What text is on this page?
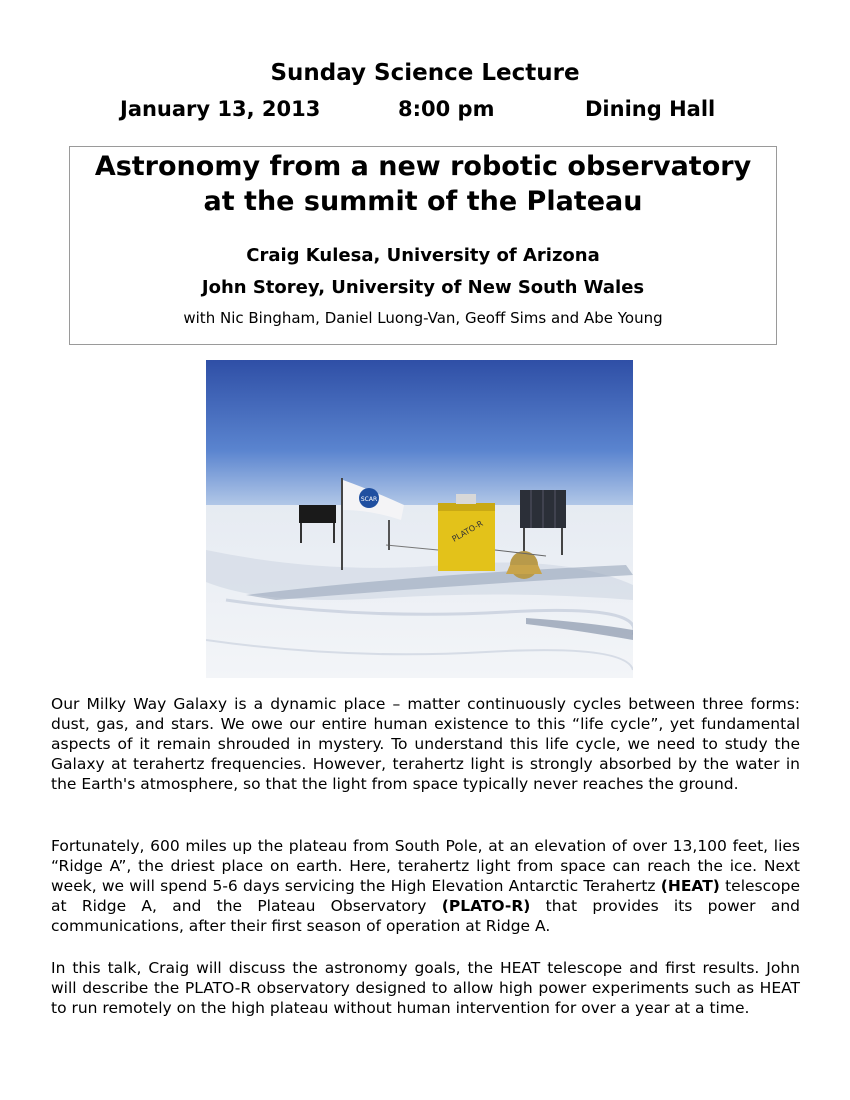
Sunday Science Lecture
January 13, 2013	8:00 pm	Dining Hall
Astronomy from a new robotic observatory
at the summit of the Plateau
Craig Kulesa, University of Arizona
John Storey, University of New South Wales
with Nic Bingham, Daniel Luong-Van, Geoff Sims and Abe Young
SCAR
PLATO-R

Our Milky Way Galaxy is a dynamic place – matter continuously cycles between three forms: dust, gas, and stars. We owe our entire human existence to this “life cycle”, yet fundamental aspects of it remain shrouded in mystery. To understand this life cycle, we need to study the Galaxy at terahertz frequencies. However, terahertz light is strongly absorbed by the water in the Earth's atmosphere, so that the light from space typically never reaches the ground.

Fortunately, 600 miles up the plateau from South Pole, at an elevation of over 13,100 feet, lies “Ridge A”, the driest place on earth. Here, terahertz light from space can reach the ice. Next week, we will spend 5-6 days servicing the High Elevation Antarctic Terahertz (HEAT) telescope at Ridge A, and the Plateau Observatory (PLATO-R) that provides its power and communications, after their first season of operation at Ridge A.

In this talk, Craig will discuss the astronomy goals, the HEAT telescope and first results. John will describe the PLATO-R observatory designed to allow high power experiments such as HEAT to run remotely on the high plateau without human intervention for over a year at a time.
